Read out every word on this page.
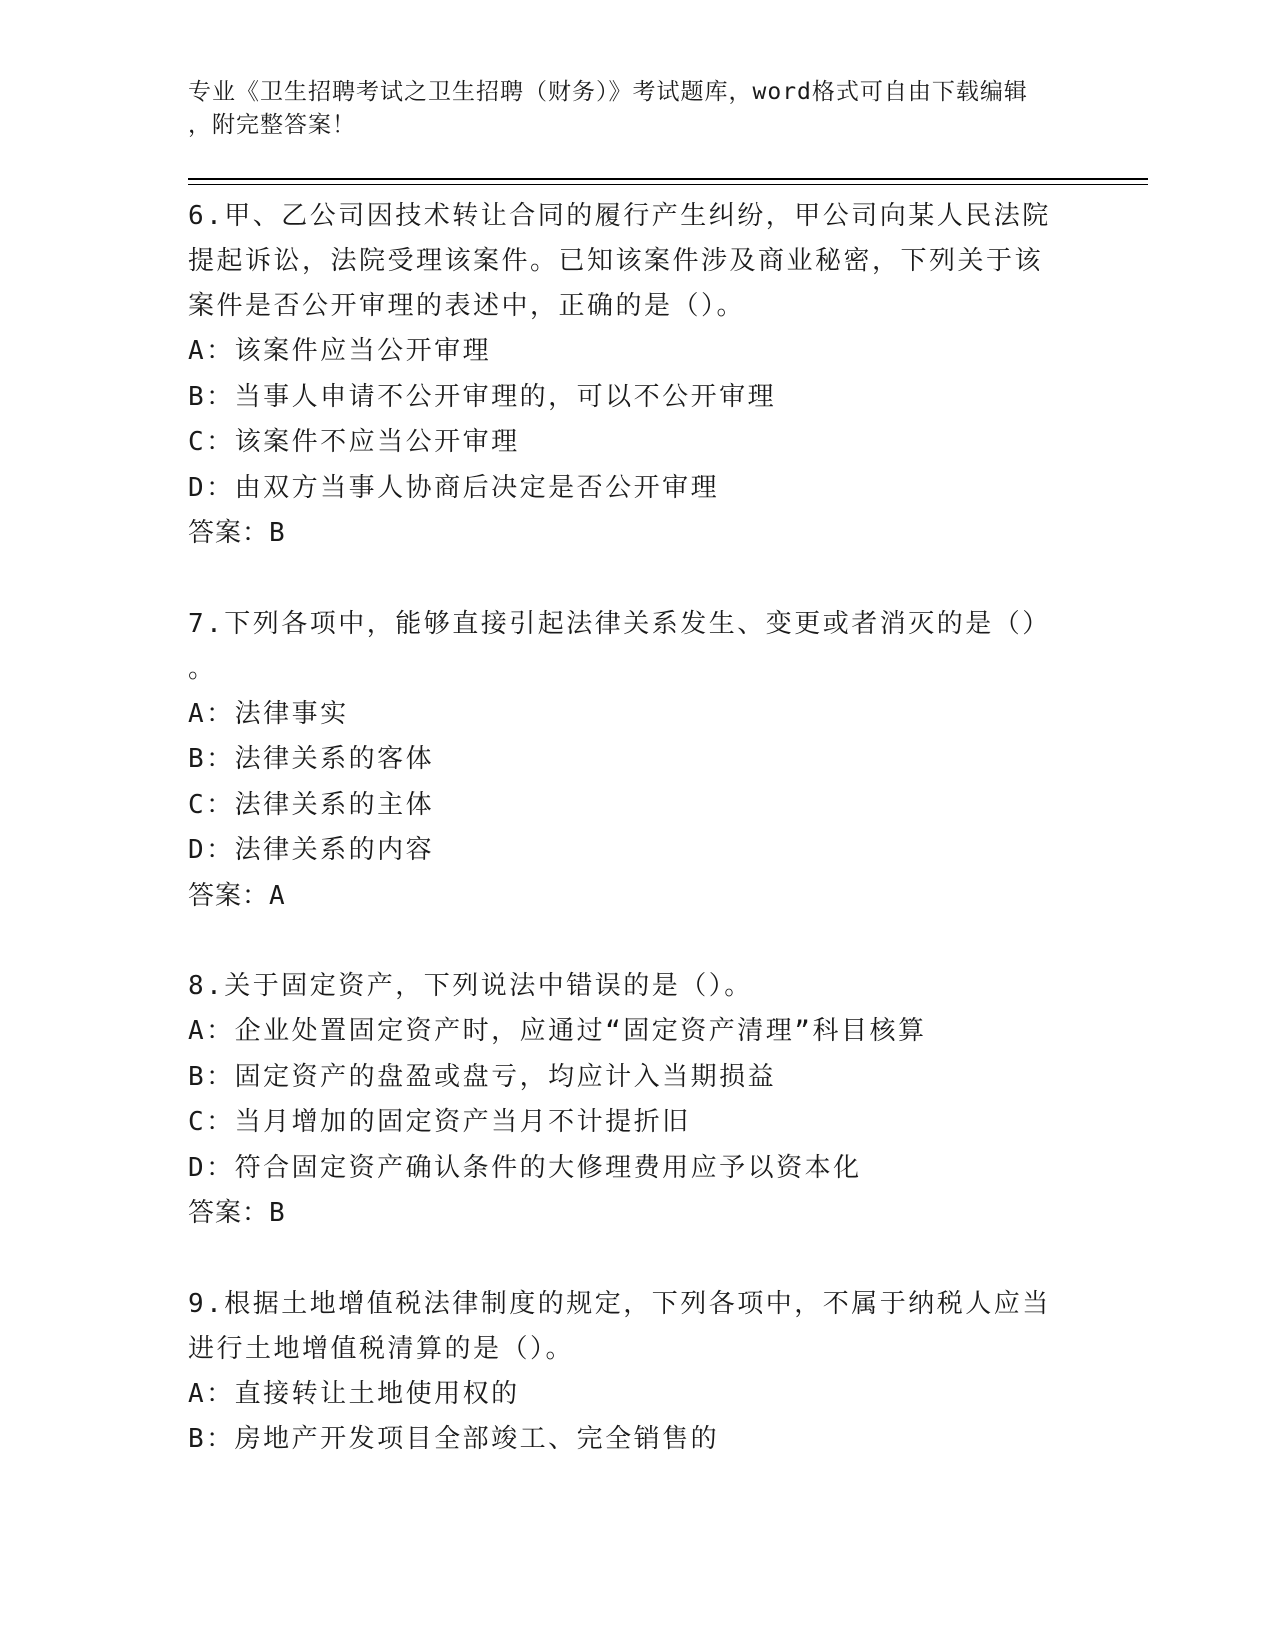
专业《卫生招聘考试之卫生招聘（财务）》考试题库，word格式可自由下载编辑
，附完整答案！
6.甲、乙公司因技术转让合同的履行产生纠纷，甲公司向某人民法院
提起诉讼，法院受理该案件。已知该案件涉及商业秘密，下列关于该
案件是否公开审理的表述中，正确的是（）。
A：该案件应当公开审理
B：当事人申请不公开审理的，可以不公开审理
C：该案件不应当公开审理
D：由双方当事人协商后决定是否公开审理
答案：B
7.下列各项中，能够直接引起法律关系发生、变更或者消灭的是（）
。
A：法律事实
B：法律关系的客体
C：法律关系的主体
D：法律关系的内容
答案：A
8.关于固定资产，下列说法中错误的是（）。
A：企业处置固定资产时，应通过“固定资产清理”科目核算
B：固定资产的盘盈或盘亏，均应计入当期损益
C：当月增加的固定资产当月不计提折旧
D：符合固定资产确认条件的大修理费用应予以资本化
答案：B
9.根据土地增值税法律制度的规定，下列各项中，不属于纳税人应当
进行土地增值税清算的是（）。
A：直接转让土地使用权的
B：房地产开发项目全部竣工、完全销售的
